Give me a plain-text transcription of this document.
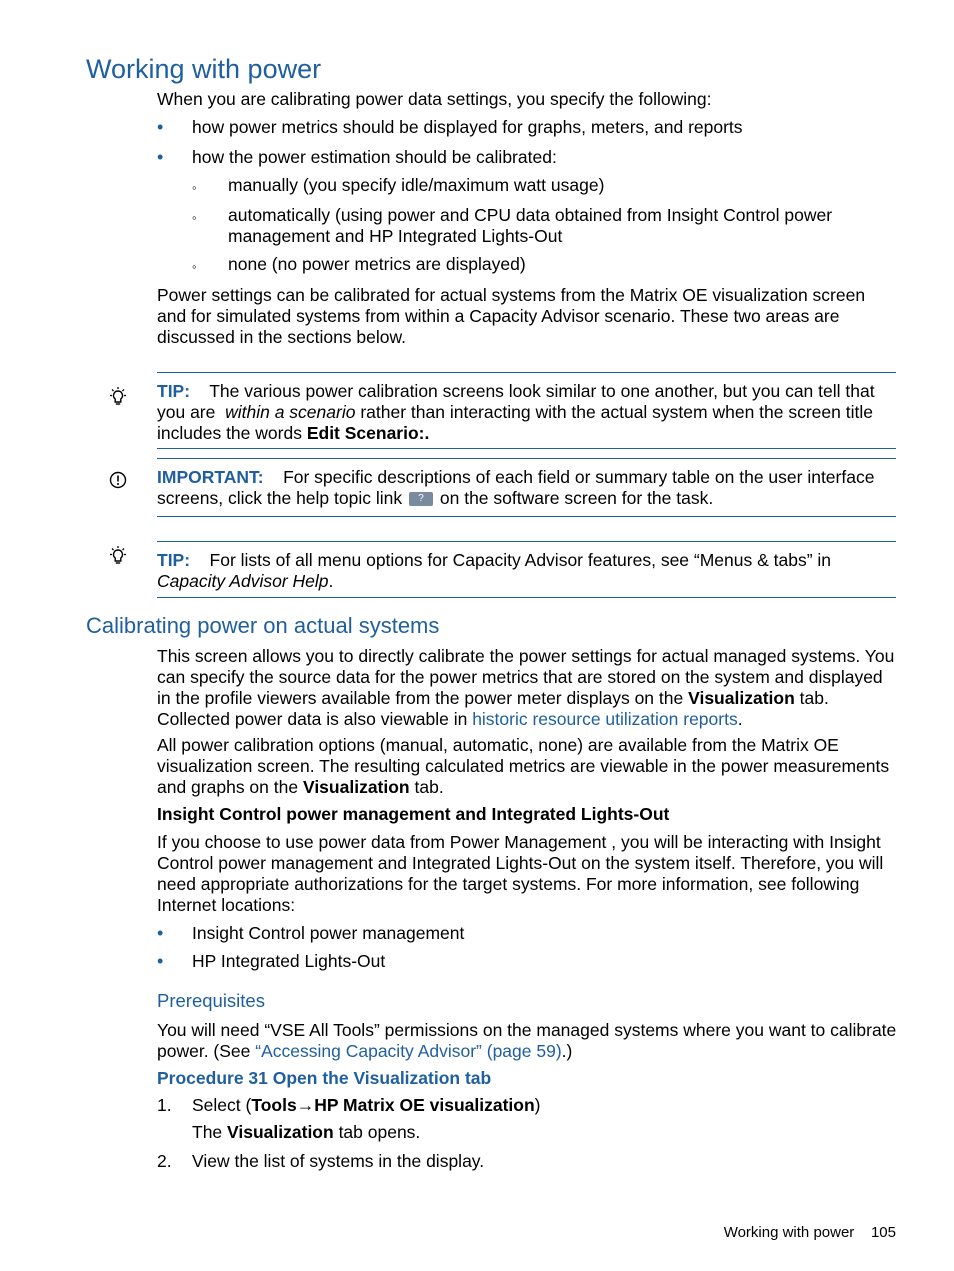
Working with power
When you are calibrating power data settings, you specify the following:
• how power metrics should be displayed for graphs, meters, and reports
• how the power estimation should be calibrated:
◦ manually (you specify idle/maximum watt usage)
◦ automatically (using power and CPU data obtained from Insight Control power management and HP Integrated Lights-Out
◦ none (no power metrics are displayed)
Power settings can be calibrated for actual systems from the Matrix OE visualization screen and for simulated systems from within a Capacity Advisor scenario. These two areas are discussed in the sections below.
TIP: The various power calibration screens look similar to one another, but you can tell that you are within a scenario rather than interacting with the actual system when the screen title includes the words Edit Scenario:.
IMPORTANT: For specific descriptions of each field or summary table on the user interface screens, click the help topic link ? on the software screen for the task.
TIP: For lists of all menu options for Capacity Advisor features, see “Menus & tabs” in Capacity Advisor Help.
Calibrating power on actual systems
This screen allows you to directly calibrate the power settings for actual managed systems. You can specify the source data for the power metrics that are stored on the system and displayed in the profile viewers available from the power meter displays on the Visualization tab. Collected power data is also viewable in historic resource utilization reports.
All power calibration options (manual, automatic, none) are available from the Matrix OE visualization screen. The resulting calculated metrics are viewable in the power measurements and graphs on the Visualization tab.
Insight Control power management and Integrated Lights-Out
If you choose to use power data from Power Management , you will be interacting with Insight Control power management and Integrated Lights-Out on the system itself. Therefore, you will need appropriate authorizations for the target systems. For more information, see following Internet locations:
• Insight Control power management
• HP Integrated Lights-Out
Prerequisites
You will need “VSE All Tools” permissions on the managed systems where you want to calibrate power. (See “Accessing Capacity Advisor” (page 59).)
Procedure 31 Open the Visualization tab
1. Select (Tools→HP Matrix OE visualization)
The Visualization tab opens.
2. View the list of systems in the display.
Working with power 105
